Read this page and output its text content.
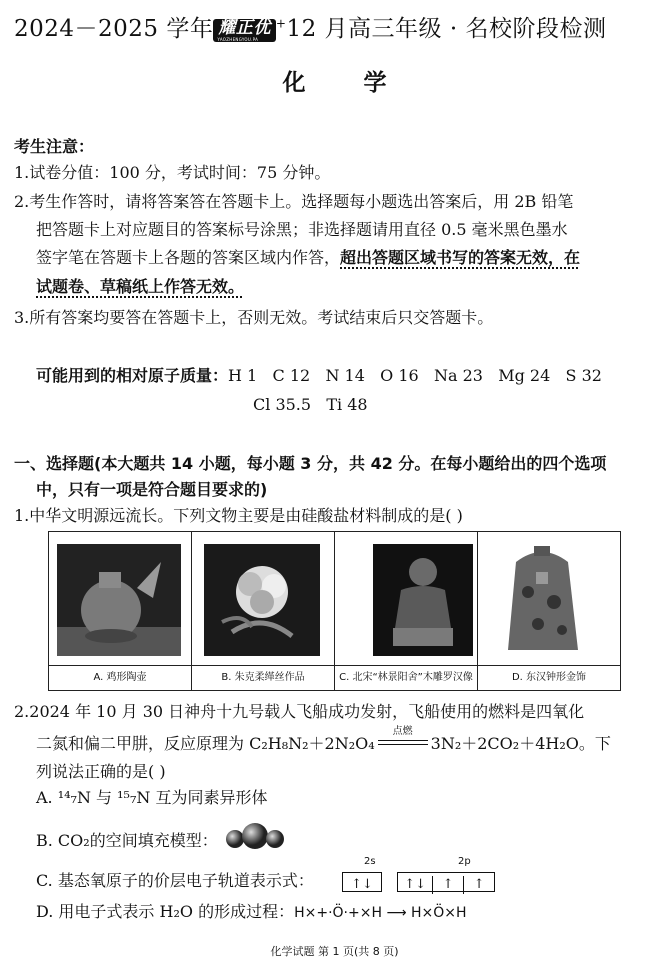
2024－2025 学年 耀正优
YAOZHENGYOU.PA
+12 月高三年级 · 名校阶段检测
化 学
考生注意：
1.试卷分值：100 分，考试时间：75 分钟。
2.考生作答时，请将答案答在答题卡上。选择题每小题选出答案后，用 2B 铅笔
把答题卡上对应题目的答案标号涂黑；非选择题请用直径 0.5 毫米黑色墨水
签字笔在答题卡上各题的答案区域内作答，超出答题区域书写的答案无效，在
试题卷、草稿纸上作答无效。
3.所有答案均要答在答题卡上，否则无效。考试结束后只交答题卡。
可能用到的相对原子质量：H 1   C 12   N 14   O 16   Na 23   Mg 24   S 32
Cl 35.5   Ti 48
一、选择题(本大题共 14 小题，每小题 3 分，共 42 分。在每小题给出的四个选项
中，只有一项是符合题目要求的)
1.中华文明源远流长。下列文物主要是由硅酸盐材料制成的是( )
A. 鸡形陶壶	B. 朱克柔缂丝作品	C. 北宋“林景阳舍”木雕罗汉像	D. 东汉钟形金饰
2.2024 年 10 月 30 日神舟十九号载人飞船成功发射，飞船使用的燃料是四氧化
二氮和偏二甲肼，反应原理为 C₂H₈N₂＋2N₂O₄
点燃
3N₂＋2CO₂＋4H₂O。下
列说法正确的是( )
A. ¹⁴₇N 与 ¹⁵₇N 互为同素异形体
B. CO₂的空间填充模型：
C. 基态氧原子的价层电子轨道表示式：
2s	2p
↑↓ ↑↓ ↑ ↑
D. 用电子式表示 H₂O 的形成过程：H×+·Ö·+×H ⟶ H×Ö×H
化学试题 第 1 页(共 8 页)
